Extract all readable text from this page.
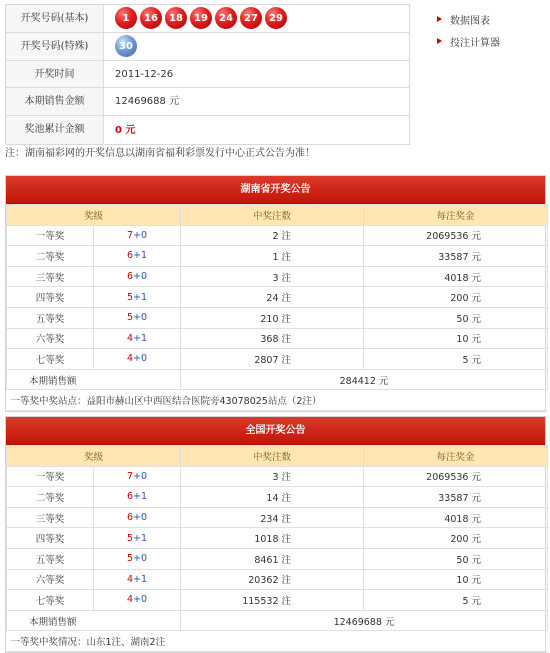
开奖号码(基本)	1	16	18	19	24	27	29
开奖号码(特殊)	30
开奖时间	2011-12-26
本期销售金额	12469688 元
奖池累计金额	0 元
数据图表
投注计算器
注：湖南福彩网的开奖信息以湖南省福利彩票发行中心正式公告为准！
湖南省开奖公告
奖级		中奖注数	每注奖金
一等奖	7+0	2 注	2069536 元
二等奖	6+1	1 注	33587 元
三等奖	6+0	3 注	4018 元
四等奖	5+1	24 注	200 元
五等奖	5+0	210 注	50 元
六等奖	4+1	368 注	10 元
七等奖	4+0	2807 注	5 元
本期销售额		284412 元	
一等奖中奖站点：益阳市赫山区中西医结合医院旁43078025站点（2注）			
全国开奖公告
奖级		中奖注数	每注奖金
一等奖	7+0	3 注	2069536 元
二等奖	6+1	14 注	33587 元
三等奖	6+0	234 注	4018 元
四等奖	5+1	1018 注	200 元
五等奖	5+0	8461 注	50 元
六等奖	4+1	20362 注	10 元
七等奖	4+0	115532 注	5 元
本期销售额		12469688 元	
一等奖中奖情况：山东1注、湖南2注			
